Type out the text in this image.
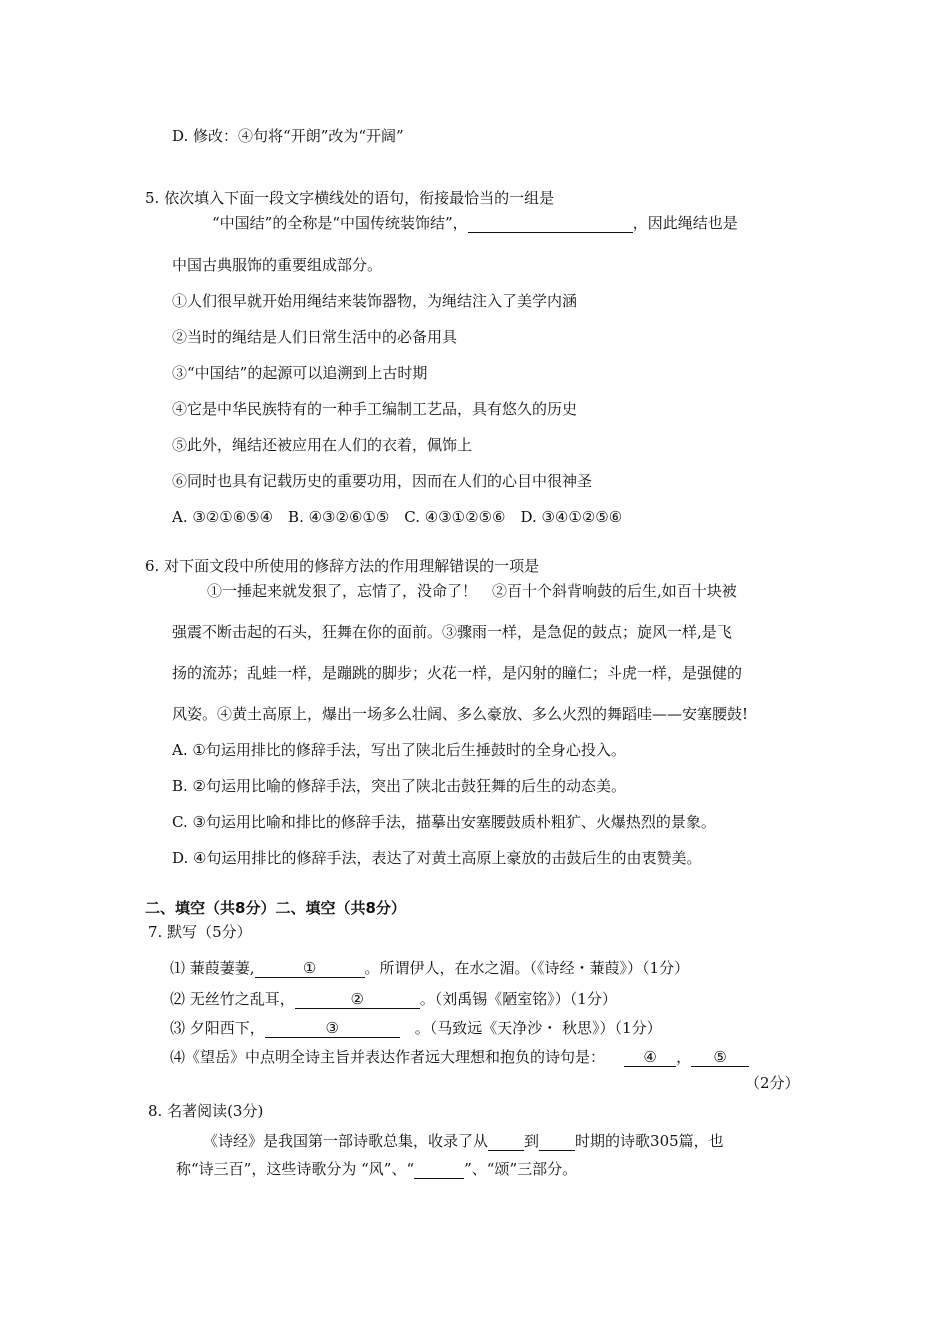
D. 修改：④句将“开朗”改为“开阔”
5. 依次填入下面一段文字横线处的语句，衔接最恰当的一组是
“中国结”的全称是“中国传统装饰结”，	，因此绳结也是
中国古典服饰的重要组成部分。
①人们很早就开始用绳结来装饰器物，为绳结注入了美学内涵
②当时的绳结是人们日常生活中的必备用具
③“中国结”的起源可以追溯到上古时期
④它是中华民族特有的一种手工编制工艺品，具有悠久的历史
⑤此外，绳结还被应用在人们的衣着，佩饰上
⑥同时也具有记载历史的重要功用，因而在人们的心目中很神圣
A. ③②①⑥⑤④　B. ④③②⑥①⑤　C. ④③①②⑤⑥　D. ③④①②⑤⑥
6. 对下面文段中所使用的修辞方法的作用理解错误的一项是
①一捶起来就发狠了，忘情了，没命了！　②百十个斜背响鼓的后生,如百十块被
强震不断击起的石头，狂舞在你的面前。③骤雨一样，是急促的鼓点；旋风一样,是飞
扬的流苏；乱蛙一样，是蹦跳的脚步；火花一样，是闪射的瞳仁；斗虎一样，是强健的
风姿。④黄土高原上，爆出一场多么壮阔、多么豪放、多么火烈的舞蹈哇——安塞腰鼓!
A. ①句运用排比的修辞手法，写出了陕北后生捶鼓时的全身心投入。
B. ②句运用比喻的修辞手法，突出了陕北击鼓狂舞的后生的动态美。
C. ③句运用比喻和排比的修辞手法，描摹出安塞腰鼓质朴粗犷、火爆热烈的景象。
D. ④句运用排比的修辞手法，表达了对黄土高原上豪放的击鼓后生的由衷赞美。
二、填空（共8分）二、填空（共8分）
7. 默写（5分）
⑴ 蒹葭萋萋,	①	。所谓伊人，在水之湄。（《诗经・蒹葭》）（1分）
⑵ 无丝竹之乱耳，	②	。（刘禹锡《陋室铭》）（1分）
⑶ 夕阳西下，	③	　。（马致远《天净沙・ 秋思》）（1分）
⑷《望岳》中点明全诗主旨并表达作者远大理想和抱负的诗句是：	④ ， ⑤
（2分）
8. 名著阅读(3分)
《诗经》是我国第一部诗歌总集，收录了从 到 时期的诗歌305篇，也
称“诗三百”，这些诗歌分为 “风”、“	”、“颂”三部分。
